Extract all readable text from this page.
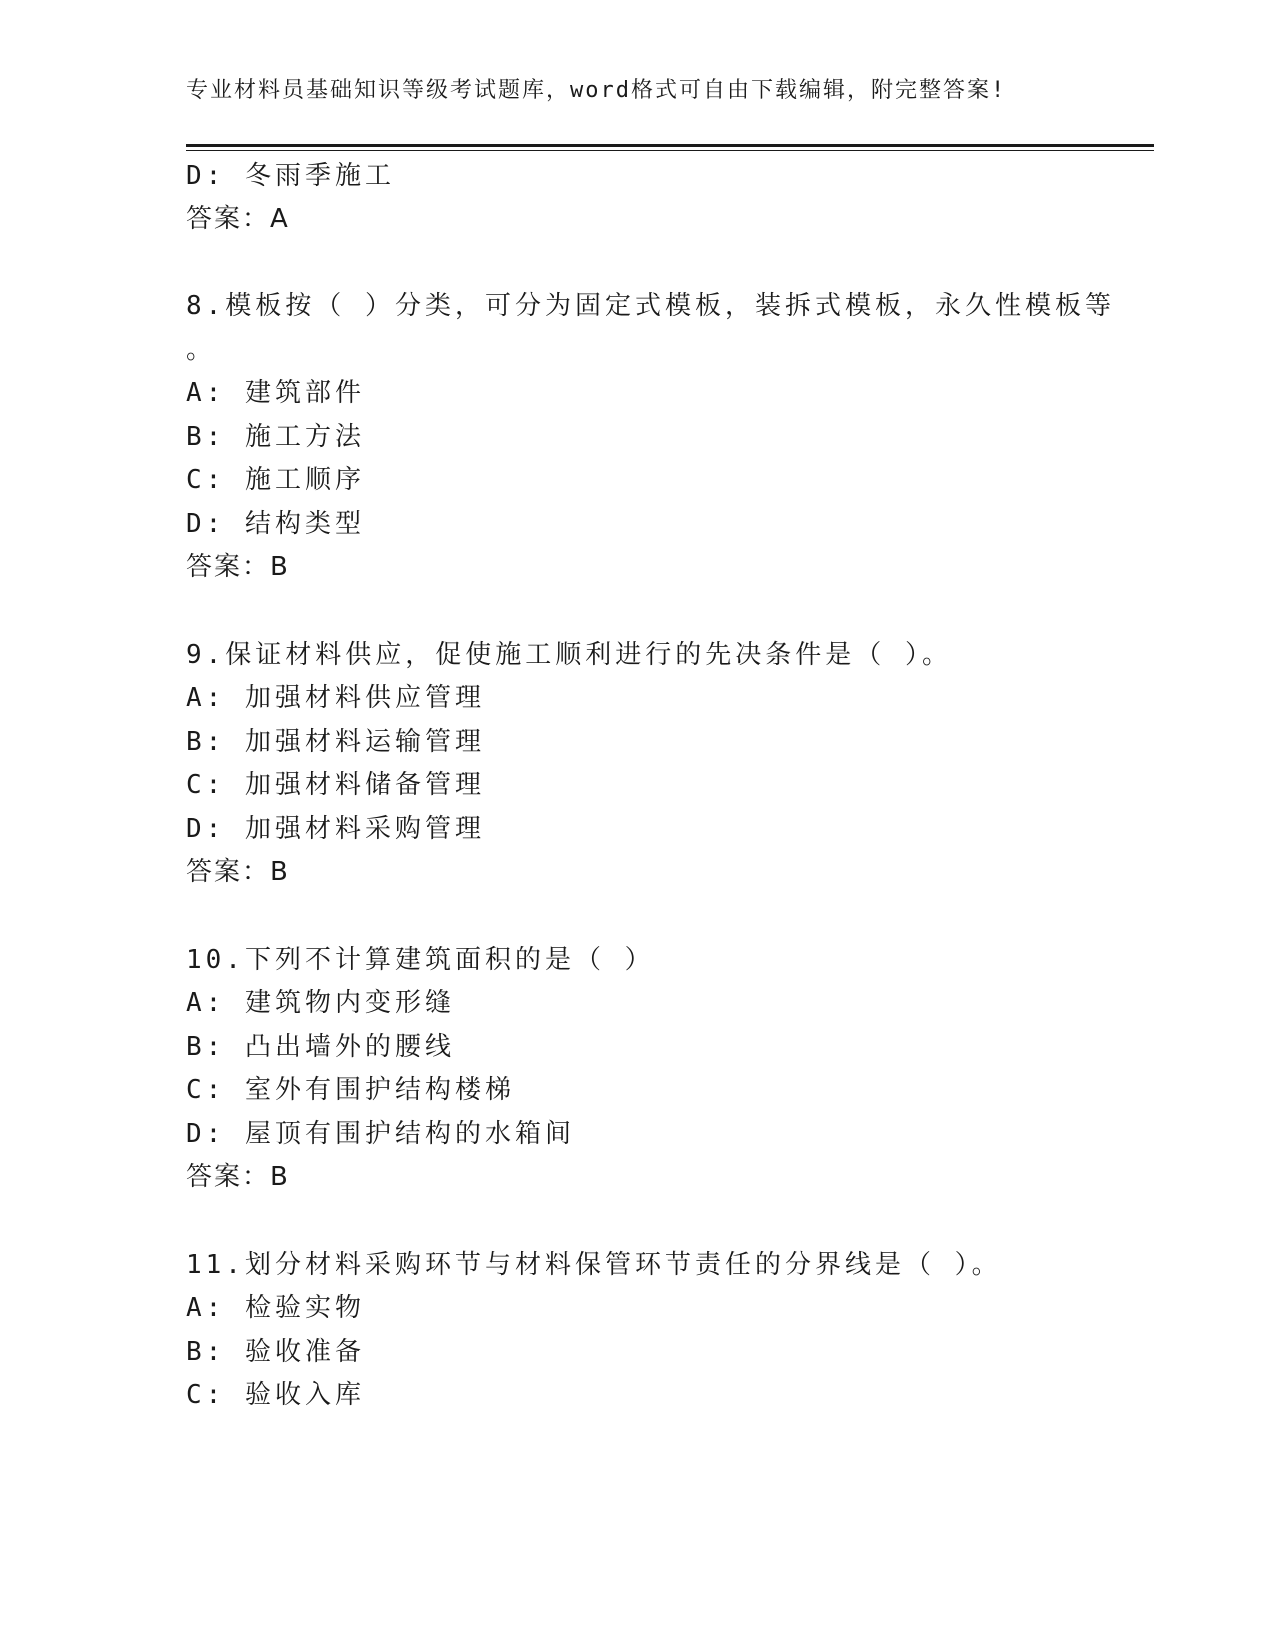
专业材料员基础知识等级考试题库，word格式可自由下载编辑，附完整答案!
D: 冬雨季施工
答案：A
8.模板按（ ）分类，可分为固定式模板，装拆式模板，永久性模板等
。
A: 建筑部件
B: 施工方法
C: 施工顺序
D: 结构类型
答案：B
9.保证材料供应，促使施工顺利进行的先决条件是（ ）。
A: 加强材料供应管理
B: 加强材料运输管理
C: 加强材料储备管理
D: 加强材料采购管理
答案：B
10.下列不计算建筑面积的是（ ）
A: 建筑物内变形缝
B: 凸出墙外的腰线
C: 室外有围护结构楼梯
D: 屋顶有围护结构的水箱间
答案：B
11.划分材料采购环节与材料保管环节责任的分界线是（ ）。
A: 检验实物
B: 验收准备
C: 验收入库
